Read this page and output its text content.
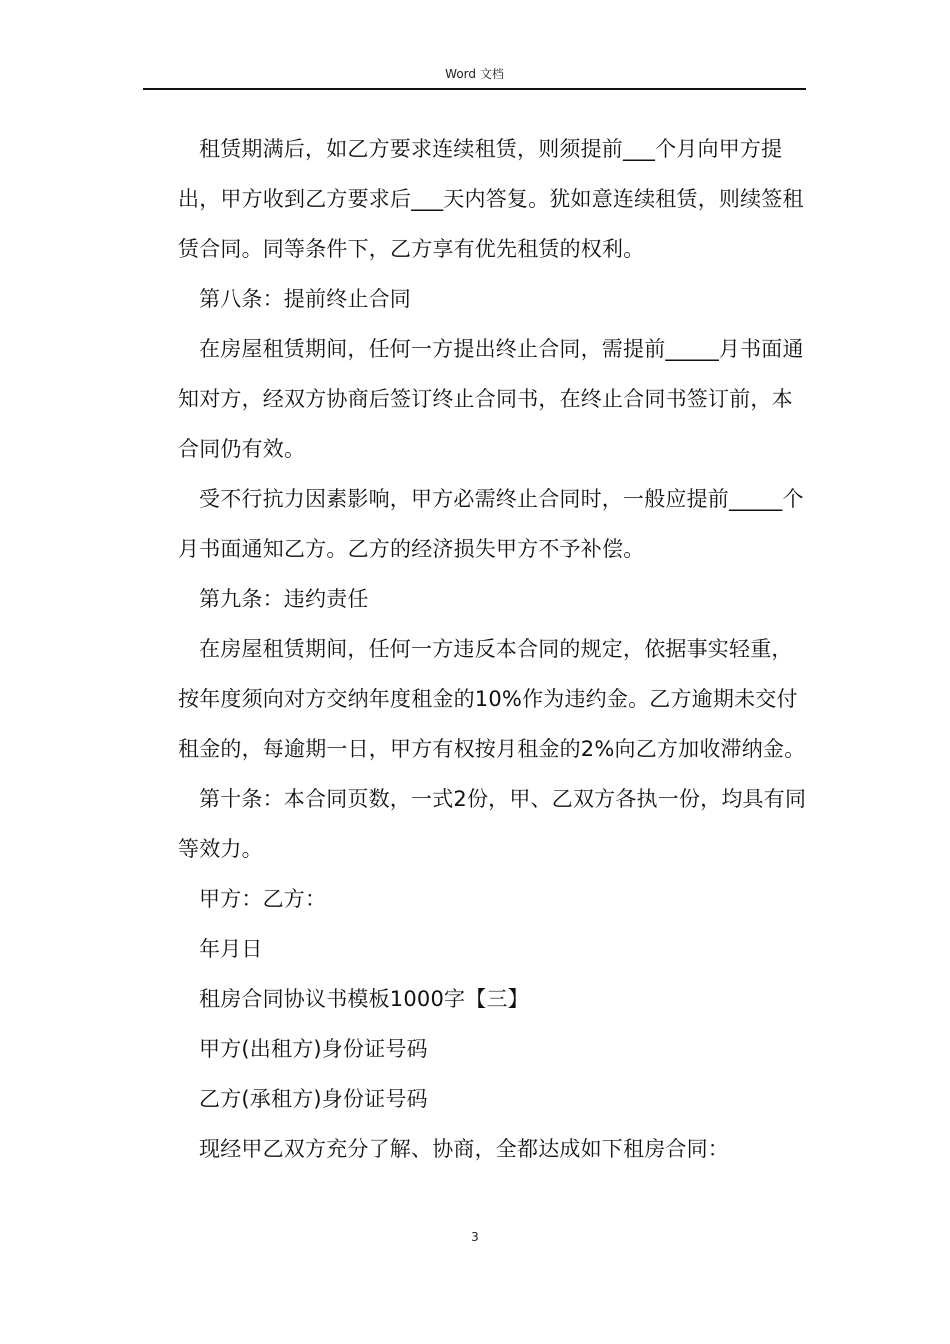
Word 文档

租赁期满后，如乙方要求连续租赁，则须提前___个月向甲方提出，甲方收到乙方要求后___天内答复。犹如意连续租赁，则续签租赁合同。同等条件下，乙方享有优先租赁的权利。

第八条：提前终止合同

在房屋租赁期间，任何一方提出终止合同，需提前_____月书面通知对方，经双方协商后签订终止合同书，在终止合同书签订前，本合同仍有效。

受不行抗力因素影响，甲方必需终止合同时，一般应提前_____个月书面通知乙方。乙方的经济损失甲方不予补偿。

第九条：违约责任

在房屋租赁期间，任何一方违反本合同的规定，依据事实轻重，按年度须向对方交纳年度租金的10%作为违约金。乙方逾期未交付租金的，每逾期一日，甲方有权按月租金的2%向乙方加收滞纳金。

第十条：本合同页数，一式2份，甲、乙双方各执一份，均具有同等效力。

甲方：乙方：

年月日

租房合同协议书模板1000字【三】

甲方(出租方)身份证号码

乙方(承租方)身份证号码

现经甲乙双方充分了解、协商，全都达成如下租房合同：

3
